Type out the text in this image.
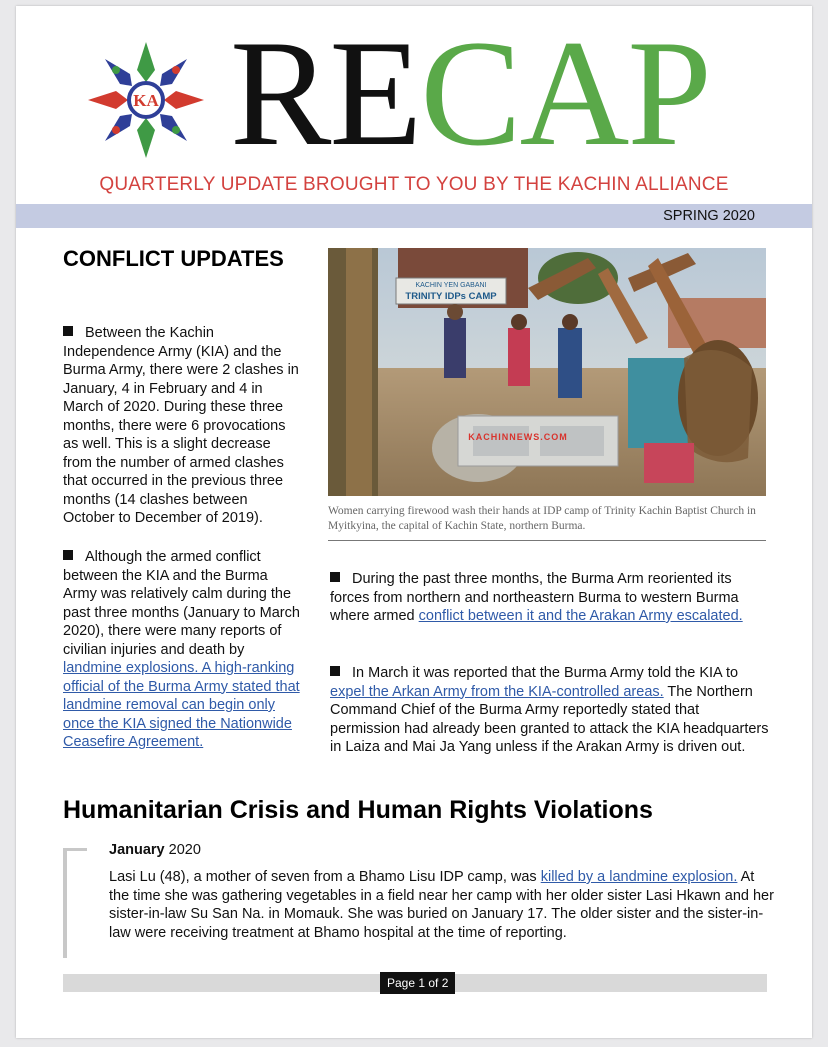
KA RECAP
QUARTERLY UPDATE BROUGHT TO YOU BY THE KACHIN ALLIANCE
SPRING 2020
CONFLICT UPDATES
Between the Kachin Independence Army (KIA) and the Burma Army, there were 2 clashes in January, 4 in February and 4 in March of 2020. During these three months, there were 6 provocations as well. This is a slight decrease from the number of armed clashes that occurred in the previous three months (14 clashes between October to December of 2019).
Although the armed conflict between the KIA and the Burma Army was relatively calm during the past three months (January to March 2020), there were many reports of civilian injuries and death by landmine explosions. A high-ranking official of the Burma Army stated that landmine removal can begin only once the KIA signed the Nationwide Ceasefire Agreement.
KACHIN YEN GABANI
TRINITY IDPs CAMP
KACHINNEWS.COM
Women carrying firewood wash their hands at IDP camp of Trinity Kachin Baptist Church in Myitkyina, the capital of Kachin State, northern Burma.
During the past three months, the Burma Arm reoriented its forces from northern and northeastern Burma to western Burma where armed conflict between it and the Arakan Army escalated.
In March it was reported that the Burma Army told the KIA to expel the Arkan Army from the KIA-controlled areas. The Northern Command Chief of the Burma Army reportedly stated that permission had already been granted to attack the KIA headquarters in Laiza and Mai Ja Yang unless if the Arakan Army is driven out.
Humanitarian Crisis and Human Rights Violations
January 2020
Lasi Lu (48), a mother of seven from a Bhamo Lisu IDP camp, was killed by a landmine explosion. At the time she was gathering vegetables in a field near her camp with her older sister Lasi Hkawn and her sister-in-law Su San Na. in Momauk. She was buried on January 17. The older sister and the sister-in-law were receiving treatment at Bhamo hospital at the time of reporting.
Page 1 of 2
